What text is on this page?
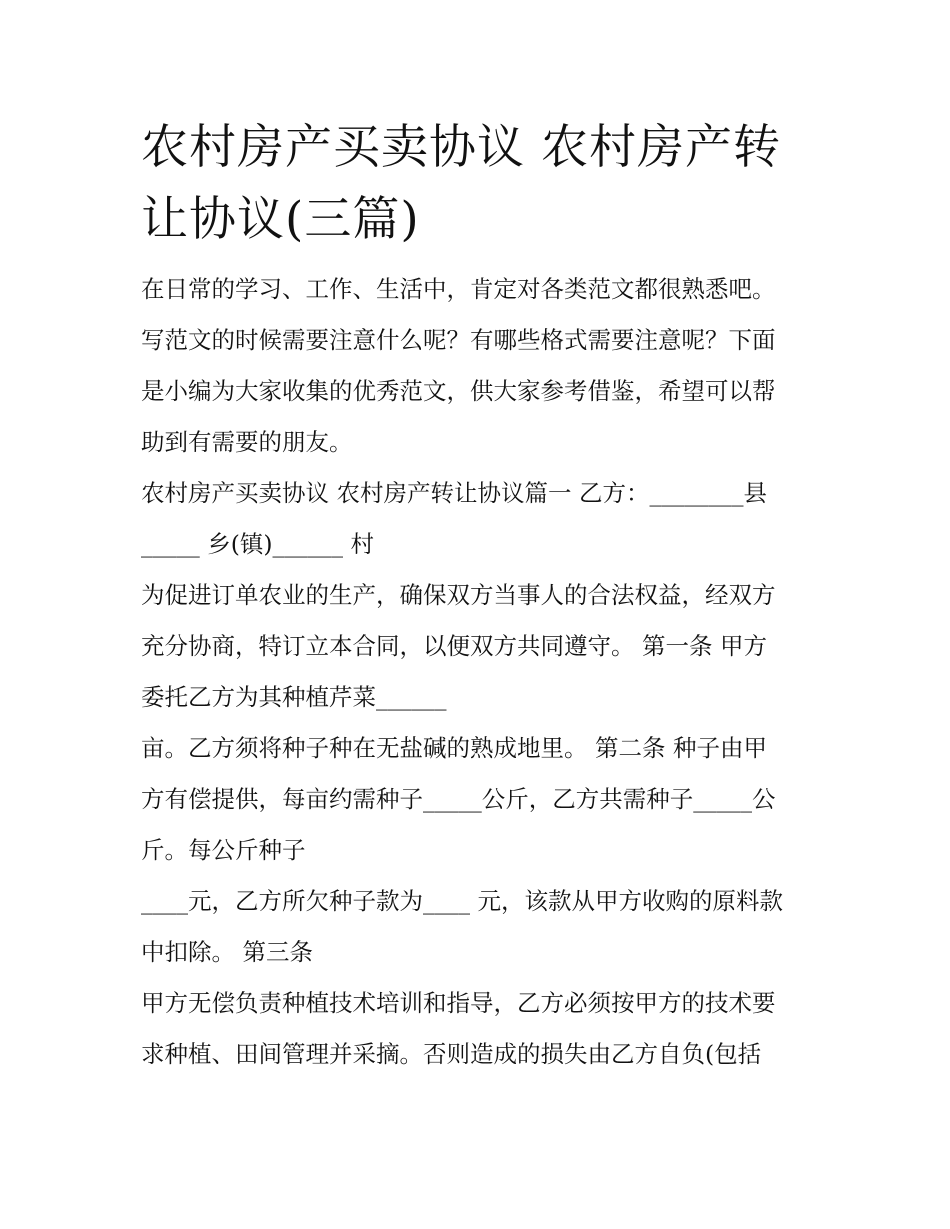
农村房产买卖协议 农村房产转
让协议(三篇)

在日常的学习、工作、生活中，肯定对各类范文都很熟悉吧。

写范文的时候需要注意什么呢？有哪些格式需要注意呢？下面

是小编为大家收集的优秀范文，供大家参考借鉴，希望可以帮

助到有需要的朋友。

农村房产买卖协议 农村房产转让协议篇一 乙方：________县

_____ 乡(镇)______ 村

为促进订单农业的生产，确保双方当事人的合法权益，经双方

充分协商，特订立本合同，以便双方共同遵守。 第一条 甲方

委托乙方为其种植芹菜______

亩。乙方须将种子种在无盐碱的熟成地里。 第二条 种子由甲

方有偿提供，每亩约需种子_____公斤，乙方共需种子_____公

斤。每公斤种子

____元，乙方所欠种子款为____ 元，该款从甲方收购的原料款

中扣除。 第三条

甲方无偿负责种植技术培训和指导，乙方必须按甲方的技术要

求种植、田间管理并采摘。否则造成的损失由乙方自负(包括
